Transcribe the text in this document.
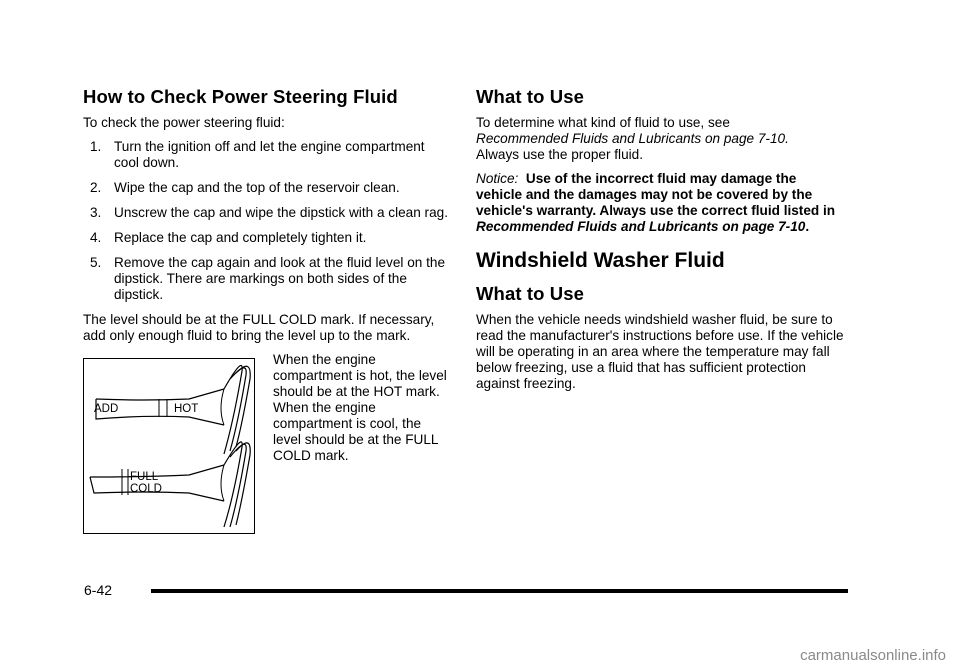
How to Check Power Steering Fluid

To check the power steering fluid:

1. Turn the ignition off and let the engine compartment cool down.
2. Wipe the cap and the top of the reservoir clean.
3. Unscrew the cap and wipe the dipstick with a clean rag.
4. Replace the cap and completely tighten it.
5. Remove the cap again and look at the fluid level on the dipstick. There are markings on both sides of the dipstick.

The level should be at the FULL COLD mark. If necessary, add only enough fluid to bring the level up to the mark.

ADD	HOT
FULL
COLD

When the engine compartment is hot, the level should be at the HOT mark. When the engine compartment is cool, the level should be at the FULL COLD mark.

What to Use

To determine what kind of fluid to use, see
Recommended Fluids and Lubricants on page 7-10.
Always use the proper fluid.

Notice: Use of the incorrect fluid may damage the vehicle and the damages may not be covered by the vehicle's warranty. Always use the correct fluid listed in Recommended Fluids and Lubricants on page 7-10.

Windshield Washer Fluid
What to Use

When the vehicle needs windshield washer fluid, be sure to read the manufacturer's instructions before use. If the vehicle will be operating in an area where the temperature may fall below freezing, use a fluid that has sufficient protection against freezing.

6-42
carmanualsonline.info
